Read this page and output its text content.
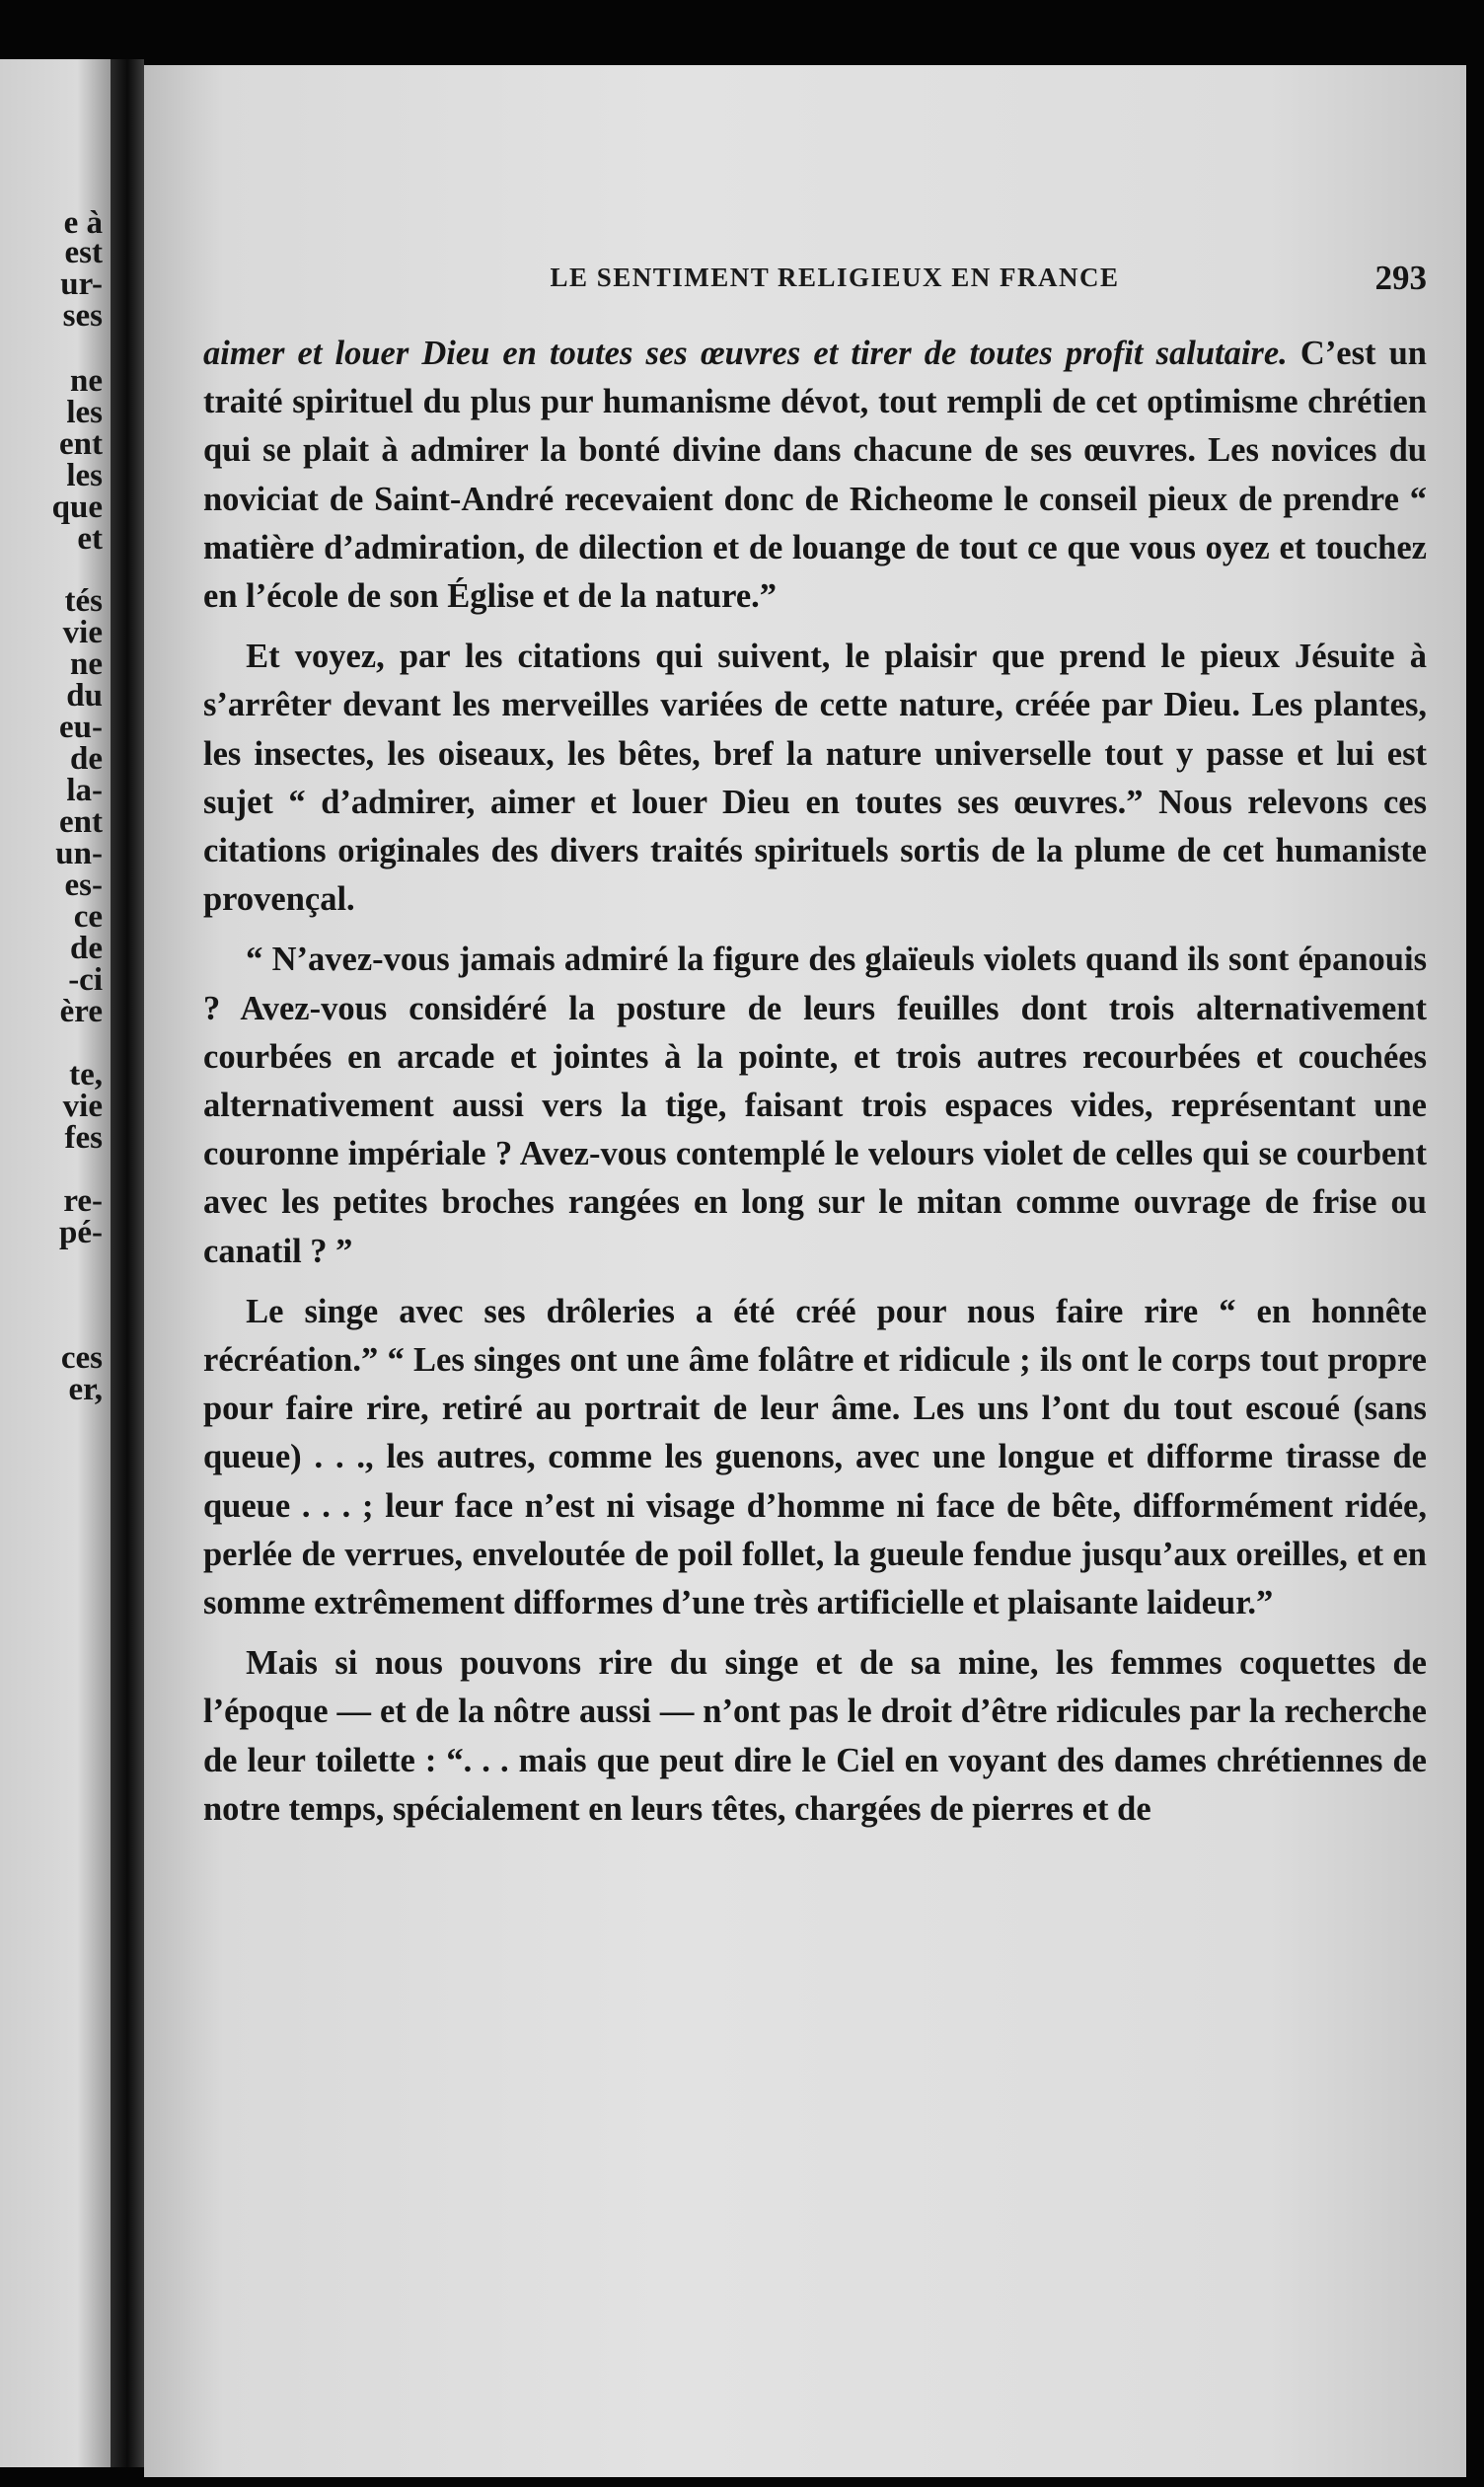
e à
est
ur-
ses
ne
les
ent
les
que
et
tés
vie
ne
du
eu-
de
la-
ent
un-
es-
ce
de
-ci
ère
te,
vie
fes
re-
pé-
ces
er,
LE SENTIMENT RELIGIEUX EN FRANCE	293

aimer et louer Dieu en toutes ses œuvres et tirer de toutes profit salutaire. C’est un traité spirituel du plus pur humanisme dévot, tout rempli de cet optimisme chrétien qui se plait à admirer la bonté divine dans chacune de ses œuvres. Les novices du noviciat de Saint-André recevaient donc de Richeome le conseil pieux de prendre “ matière d’admiration, de dilection et de louange de tout ce que vous oyez et touchez en l’école de son Église et de la nature.”

Et voyez, par les citations qui suivent, le plaisir que prend le pieux Jésuite à s’arrêter devant les merveilles variées de cette nature, créée par Dieu. Les plantes, les insectes, les oiseaux, les bêtes, bref la nature universelle tout y passe et lui est sujet “ d’admirer, aimer et louer Dieu en toutes ses œuvres.” Nous relevons ces citations originales des divers traités spirituels sortis de la plume de cet humaniste provençal.

“ N’avez-vous jamais admiré la figure des glaïeuls violets quand ils sont épanouis ? Avez-vous considéré la posture de leurs feuilles dont trois alternativement courbées en arcade et jointes à la pointe, et trois autres recourbées et couchées alternativement aussi vers la tige, faisant trois espaces vides, représentant une couronne impériale ? Avez-vous contemplé le velours violet de celles qui se courbent avec les petites broches rangées en long sur le mitan comme ouvrage de frise ou canatil ? ”

Le singe avec ses drôleries a été créé pour nous faire rire “ en honnête récréation.” “ Les singes ont une âme folâtre et ridicule ; ils ont le corps tout propre pour faire rire, retiré au portrait de leur âme. Les uns l’ont du tout escoué (sans queue) . . ., les autres, comme les guenons, avec une longue et difforme tirasse de queue . . . ; leur face n’est ni visage d’homme ni face de bête, difformément ridée, perlée de verrues, enveloutée de poil follet, la gueule fendue jusqu’aux oreilles, et en somme extrêmement difformes d’une très artificielle et plaisante laideur.”

Mais si nous pouvons rire du singe et de sa mine, les femmes coquettes de l’époque — et de la nôtre aussi — n’ont pas le droit d’être ridicules par la recherche de leur toilette : “. . . mais que peut dire le Ciel en voyant des dames chrétiennes de notre temps, spécialement en leurs têtes, chargées de pierres et de
